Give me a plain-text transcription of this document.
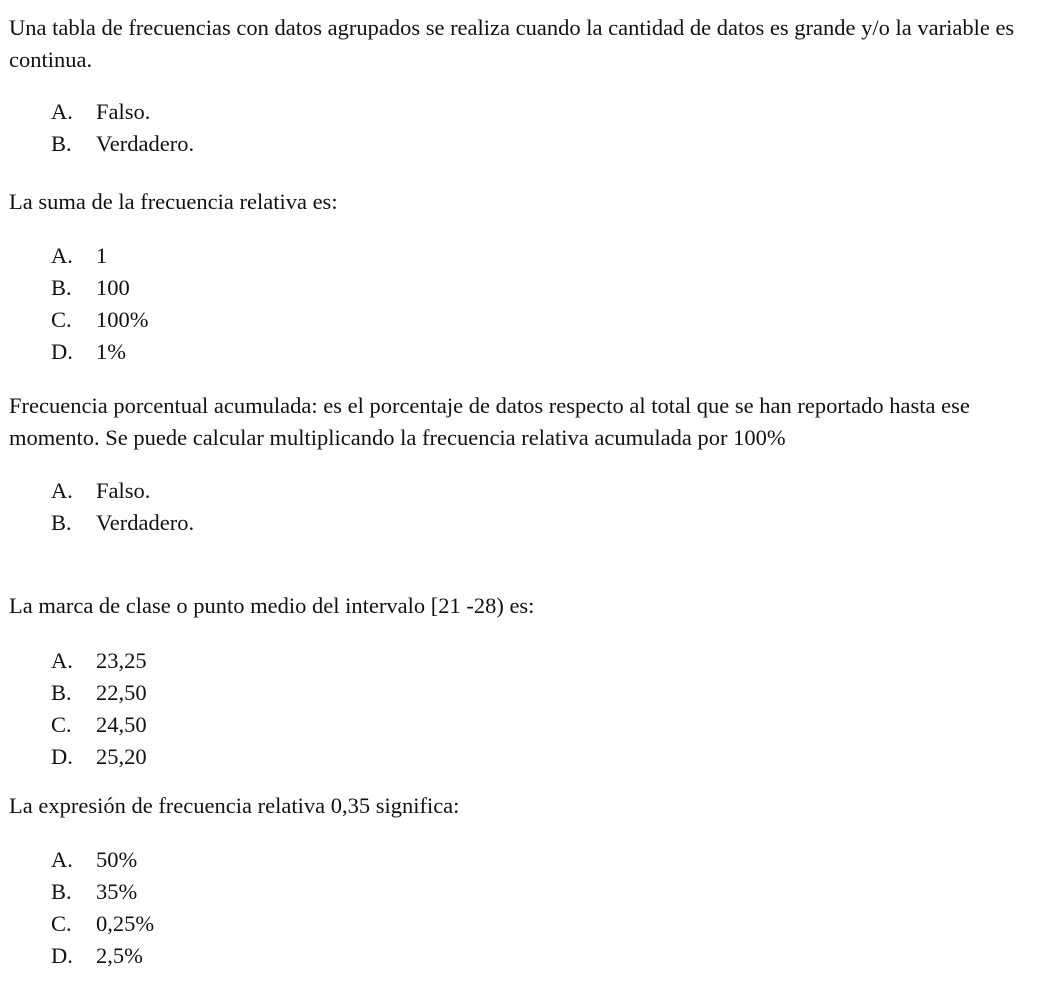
Una tabla de frecuencias con datos agrupados se realiza cuando la cantidad de datos es grande y/o la variable es continua.

A. Falso.
B. Verdadero.

La suma de la frecuencia relativa es:

A. 1
B. 100
C. 100%
D. 1%

Frecuencia porcentual acumulada: es el porcentaje de datos respecto al total que se han reportado hasta ese momento. Se puede calcular multiplicando la frecuencia relativa acumulada por 100%

A. Falso.
B. Verdadero.

La marca de clase o punto medio del intervalo [21 -28) es:

A. 23,25
B. 22,50
C. 24,50
D. 25,20

La expresión de frecuencia relativa 0,35 significa:

A. 50%
B. 35%
C. 0,25%
D. 2,5%
